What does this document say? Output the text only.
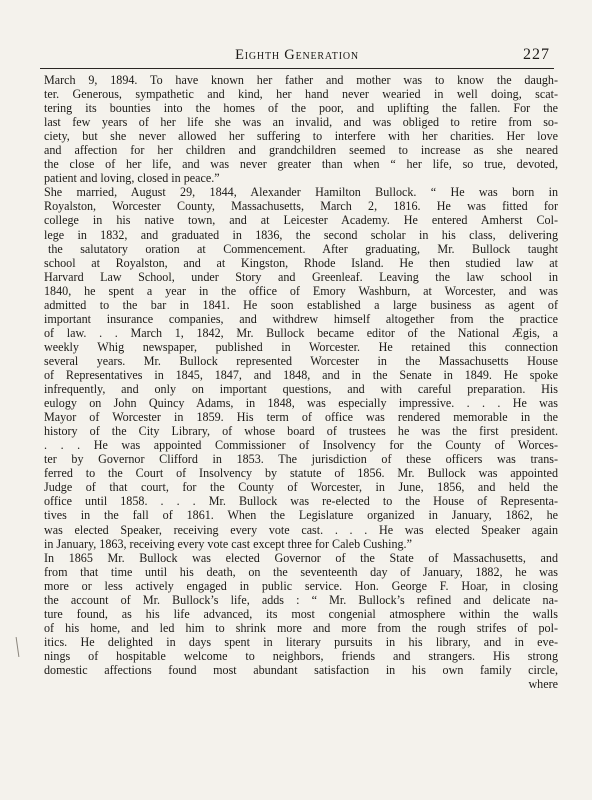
Eighth Generation	227
March 9, 1894. To have known her father and mother was to know the daugh-
ter. Generous, sympathetic and kind, her hand never wearied in well doing, scat-
tering its bounties into the homes of the poor, and uplifting the fallen. For the
last few years of her life she was an invalid, and was obliged to retire from so-
ciety, but she never allowed her suffering to interfere with her charities. Her love
and affection for her children and grandchildren seemed to increase as she neared
the close of her life, and was never greater than when “ her life, so true, devoted,
patient and loving, closed in peace.”
She married, August 29, 1844, Alexander Hamilton Bullock. “ He was born in
Royalston, Worcester County, Massachusetts, March 2, 1816. He was fitted for
college in his native town, and at Leicester Academy. He entered Amherst Col-
lege in 1832, and graduated in 1836, the second scholar in his class, delivering
the salutatory oration at Commencement. After graduating, Mr. Bullock taught
school at Royalston, and at Kingston, Rhode Island. He then studied law at
Harvard Law School, under Story and Greenleaf. Leaving the law school in
1840, he spent a year in the office of Emory Washburn, at Worcester, and was
admitted to the bar in 1841. He soon established a large business as agent of
important insurance companies, and withdrew himself altogether from the practice
of law. . . March 1, 1842, Mr. Bullock became editor of the National Ægis, a
weekly Whig newspaper, published in Worcester. He retained this connection
several years. Mr. Bullock represented Worcester in the Massachusetts House
of Representatives in 1845, 1847, and 1848, and in the Senate in 1849. He spoke
infrequently, and only on important questions, and with careful preparation. His
eulogy on John Quincy Adams, in 1848, was especially impressive. . . . He was
Mayor of Worcester in 1859. His term of office was rendered memorable in the
history of the City Library, of whose board of trustees he was the first president.
. . . He was appointed Commissioner of Insolvency for the County of Worces-
ter by Governor Clifford in 1853. The jurisdiction of these officers was trans-
ferred to the Court of Insolvency by statute of 1856. Mr. Bullock was appointed
Judge of that court, for the County of Worcester, in June, 1856, and held the
office until 1858. . . . Mr. Bullock was re-elected to the House of Representa-
tives in the fall of 1861. When the Legislature organized in January, 1862, he
was elected Speaker, receiving every vote cast. . . . He was elected Speaker again
in January, 1863, receiving every vote cast except three for Caleb Cushing.”
In 1865 Mr. Bullock was elected Governor of the State of Massachusetts, and
from that time until his death, on the seventeenth day of January, 1882, he was
more or less actively engaged in public service. Hon. George F. Hoar, in closing
the account of Mr. Bullock’s life, adds : “ Mr. Bullock’s refined and delicate na-
ture found, as his life advanced, its most congenial atmosphere within the walls
of his home, and led him to shrink more and more from the rough strifes of pol-
itics. He delighted in days spent in literary pursuits in his library, and in eve-
nings of hospitable welcome to neighbors, friends and strangers. His strong
domestic affections found most abundant satisfaction in his own family circle,
where
